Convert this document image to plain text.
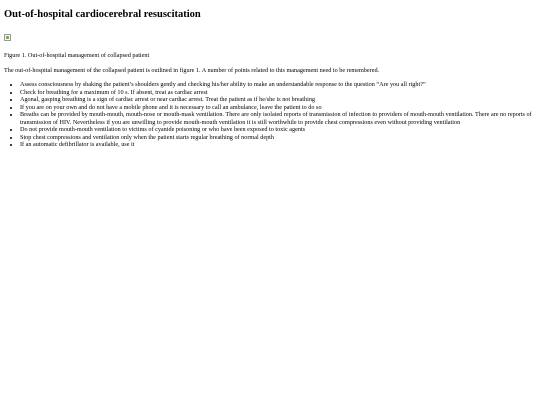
Out-of-hospital cardiocerebral resuscitation

Figure 1. Out-of-hospital management of collapsed patient

The out-of-hospital management of the collapsed patient is outlined in figure 1. A number of points related to this management need to be remembered.

• Assess consciousness by shaking the patient’s shoulders gently and checking his/her ability to make an understandable response to the question “Are you all right?”
• Check for breathing for a maximum of 10 s. If absent, treat as cardiac arrest
• Agonal, gasping breathing is a sign of cardiac arrest or near cardiac arrest. Treat the patient as if he/she is not breathing
• If you are on your own and do not have a mobile phone and it is necessary to call an ambulance, leave the patient to do so
• Breaths can be provided by mouth-mouth, mouth-nose or mouth-mask ventilation. There are only isolated reports of transmission of infection to providers of mouth-mouth ventilation. There are no reports of transmission of HIV. Nevertheless if you are unwilling to provide mouth-mouth ventilation it is still worthwhile to provide chest compressions even without providing ventilation
• Do not provide mouth-mouth ventilation to victims of cyanide poisoning or who have been exposed to toxic agents
• Stop chest compressions and ventilation only when the patient starts regular breathing of normal depth
• If an automatic defibrillator is available, use it
